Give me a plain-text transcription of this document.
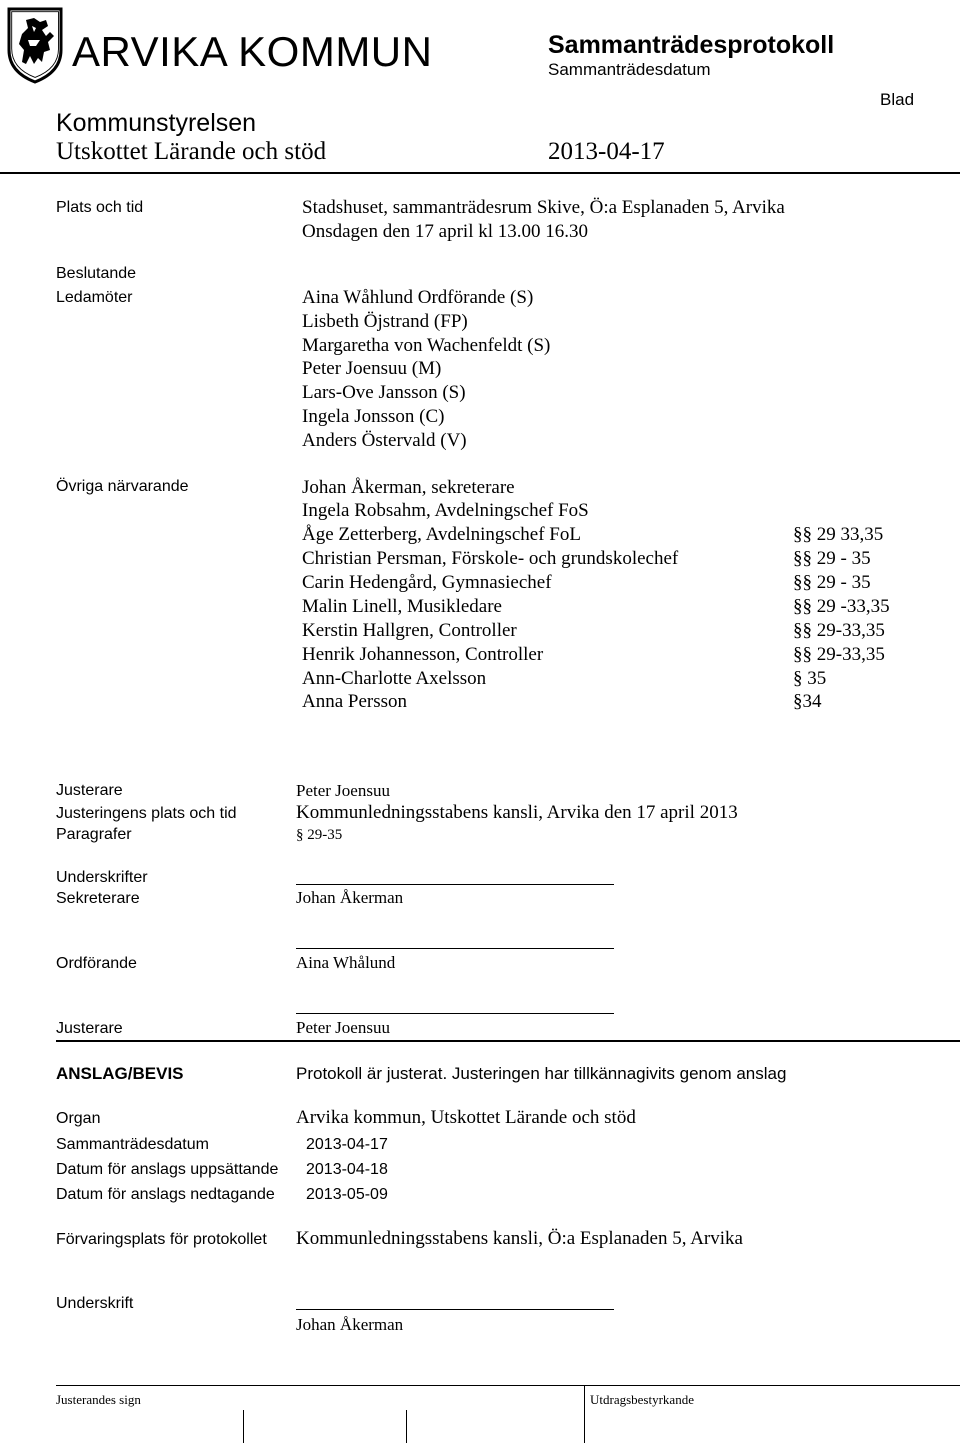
ARVIKA KOMMUN	Sammanträdesprotokoll
Sammanträdesdatum
Blad
Kommunstyrelsen
Utskottet Lärande och stöd	2013-04-17
Plats och tid	Stadshuset, sammanträdesrum Skive, Ö:a Esplanaden 5, Arvika
Onsdagen den 17 april kl 13.00 16.30
Beslutande
Ledamöter	Aina Wåhlund Ordförande (S)
Lisbeth Öjstrand (FP)
Margaretha von Wachenfeldt (S)
Peter Joensuu (M)
Lars-Ove Jansson (S)
Ingela Jonsson (C)
Anders Östervald (V)
Övriga närvarande	Johan Åkerman, sekreterare
Ingela Robsahm, Avdelningschef FoS
Åge Zetterberg, Avdelningschef FoL	§§ 29 33,35
Christian Persman, Förskole- och grundskolechef	§§ 29 - 35
Carin Hedengård, Gymnasiechef	§§ 29 - 35
Malin Linell, Musikledare	§§ 29 -33,35
Kerstin Hallgren, Controller	§§ 29-33,35
Henrik Johannesson, Controller	§§ 29-33,35
Ann-Charlotte Axelsson	§ 35
Anna Persson	§34
Justerare	Peter Joensuu
Justeringens plats och tid	Kommunledningsstabens kansli, Arvika den 17 april 2013
Paragrafer	§ 29-35
Underskrifter
Sekreterare	Johan Åkerman
Ordförande	Aina Whålund
Justerare	Peter Joensuu
ANSLAG/BEVIS	Protokoll är justerat. Justeringen har tillkännagivits genom anslag
Organ	Arvika kommun, Utskottet Lärande och stöd
Sammanträdesdatum	2013-04-17
Datum för anslags uppsättande 2013-04-18
Datum för anslags nedtagande 2013-05-09
Förvaringsplats för protokollet Kommunledningsstabens kansli, Ö:a Esplanaden 5, Arvika
Underskrift
Johan Åkerman
Justerandes sign	Utdragsbestyrkande
